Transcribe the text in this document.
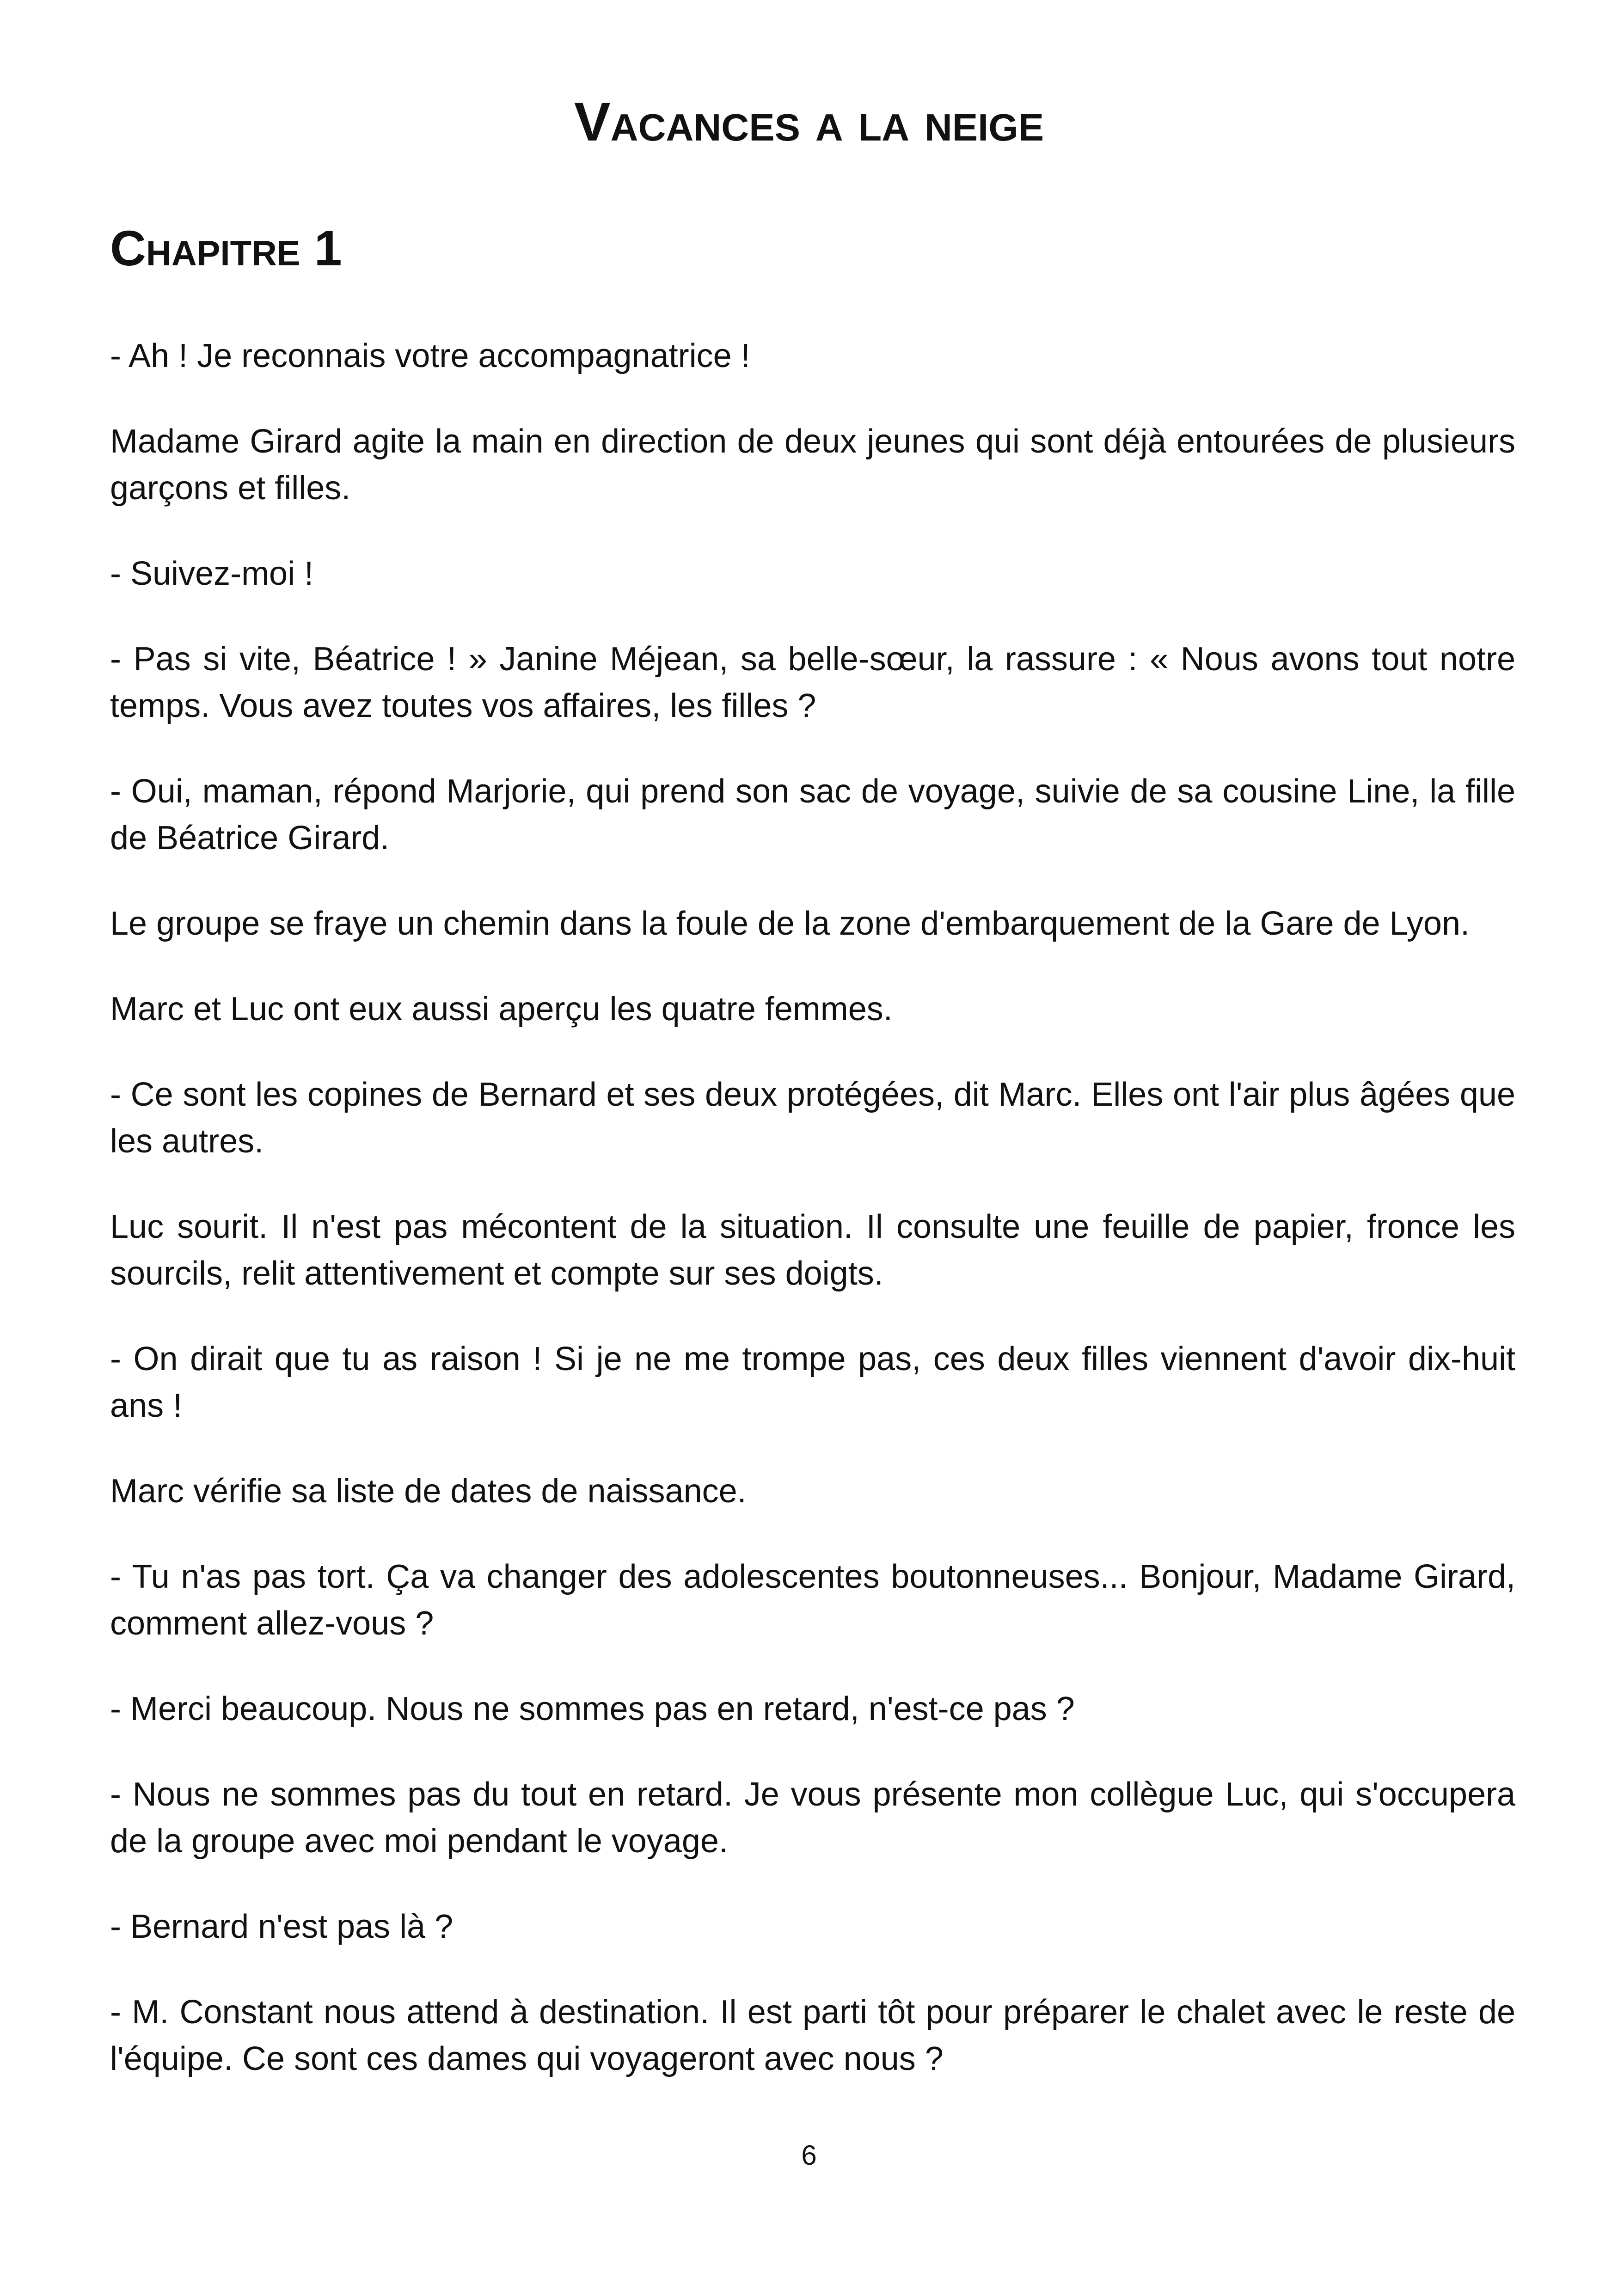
Vacances a la neige
Chapitre 1

- Ah ! Je reconnais votre accompagnatrice !

Madame Girard agite la main en direction de deux jeunes qui sont déjà entourées de plusieurs garçons et filles.

- Suivez-moi !

- Pas si vite, Béatrice ! » Janine Méjean, sa belle-sœur, la rassure : « Nous avons tout notre temps. Vous avez toutes vos affaires, les filles ?

- Oui, maman, répond Marjorie, qui prend son sac de voyage, suivie de sa cousine Line, la fille de Béatrice Girard.

Le groupe se fraye un chemin dans la foule de la zone d'embarquement de la Gare de Lyon.

Marc et Luc ont eux aussi aperçu les quatre femmes.

- Ce sont les copines de Bernard et ses deux protégées, dit Marc. Elles ont l'air plus âgées que les autres.

Luc sourit. Il n'est pas mécontent de la situation. Il consulte une feuille de papier, fronce les sourcils, relit attentivement et compte sur ses doigts.

- On dirait que tu as raison ! Si je ne me trompe pas, ces deux filles viennent d'avoir dix-huit ans !

Marc vérifie sa liste de dates de naissance.

- Tu n'as pas tort. Ça va changer des adolescentes boutonneuses... Bonjour, Madame Girard, comment allez-vous ?

- Merci beaucoup. Nous ne sommes pas en retard, n'est-ce pas ?

- Nous ne sommes pas du tout en retard. Je vous présente mon collègue Luc, qui s'occupera de la groupe avec moi pendant le voyage.

- Bernard n'est pas là ?

- M. Constant nous attend à destination. Il est parti tôt pour préparer le chalet avec le reste de l'équipe. Ce sont ces dames qui voyageront avec nous ?

6
